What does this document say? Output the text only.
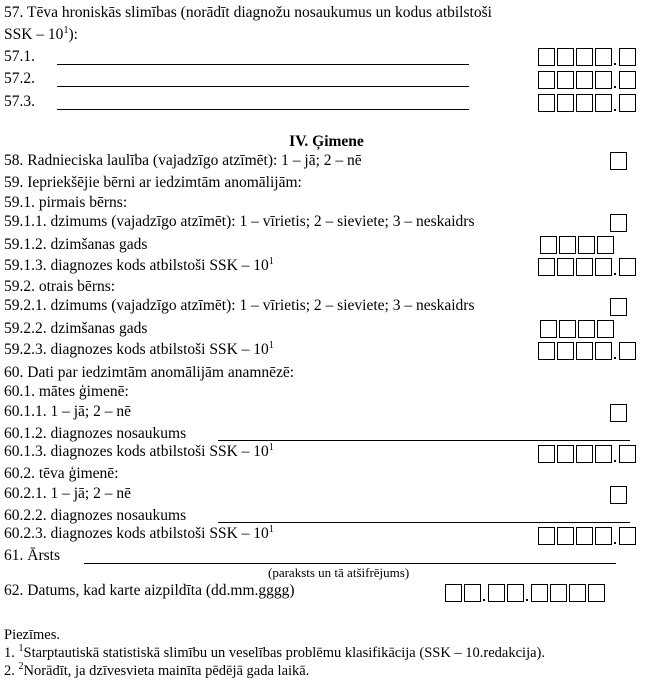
57. Tēva hroniskās slimības (norādīt diagnožu nosaukumus un kodus atbilstoši
SSK – $10^1$):
57.1.
57.2.
57.3.
IV. Ģimene
58. Radnieciska laulība (vajadzīgo atzīmēt): 1 – jā; 2 – nē
59. Iepriekšējie bērni ar iedzimtām anomālijām:
59.1. pirmais bērns:
59.1.1. dzimums (vajadzīgo atzīmēt): 1 – vīrietis; 2 – sieviete; 3 – neskaidrs
59.1.2. dzimšanas gads
59.1.3. diagnozes kods atbilstoši SSK – $10^1$
59.2. otrais bērns:
59.2.1. dzimums (vajadzīgo atzīmēt): 1 – vīrietis; 2 – sieviete; 3 – neskaidrs
59.2.2. dzimšanas gads
59.2.3. diagnozes kods atbilstoši SSK – $10^1$
60. Dati par iedzimtām anomālijām anamnēzē:
60.1. mātes ģimenē:
60.1.1. 1 – jā; 2 – nē
60.1.2. diagnozes nosaukums
60.1.3. diagnozes kods atbilstoši SSK – $10^1$
60.2. tēva ģimenē:
60.2.1. 1 – jā; 2 – nē
60.2.2. diagnozes nosaukums
60.2.3. diagnozes kods atbilstoši SSK – $10^1$
61. Ārsts
(paraksts un tā atšifrējums)
62. Datums, kad karte aizpildīta (dd.mm.gggg)
Piezīmes.
1. $^1$Starptautiskā statistiskā slimību un veselības problēmu klasifikācija (SSK – 10.redakcija).
2. $^2$Norādīt, ja dzīvesvieta mainīta pēdējā gada laikā.
